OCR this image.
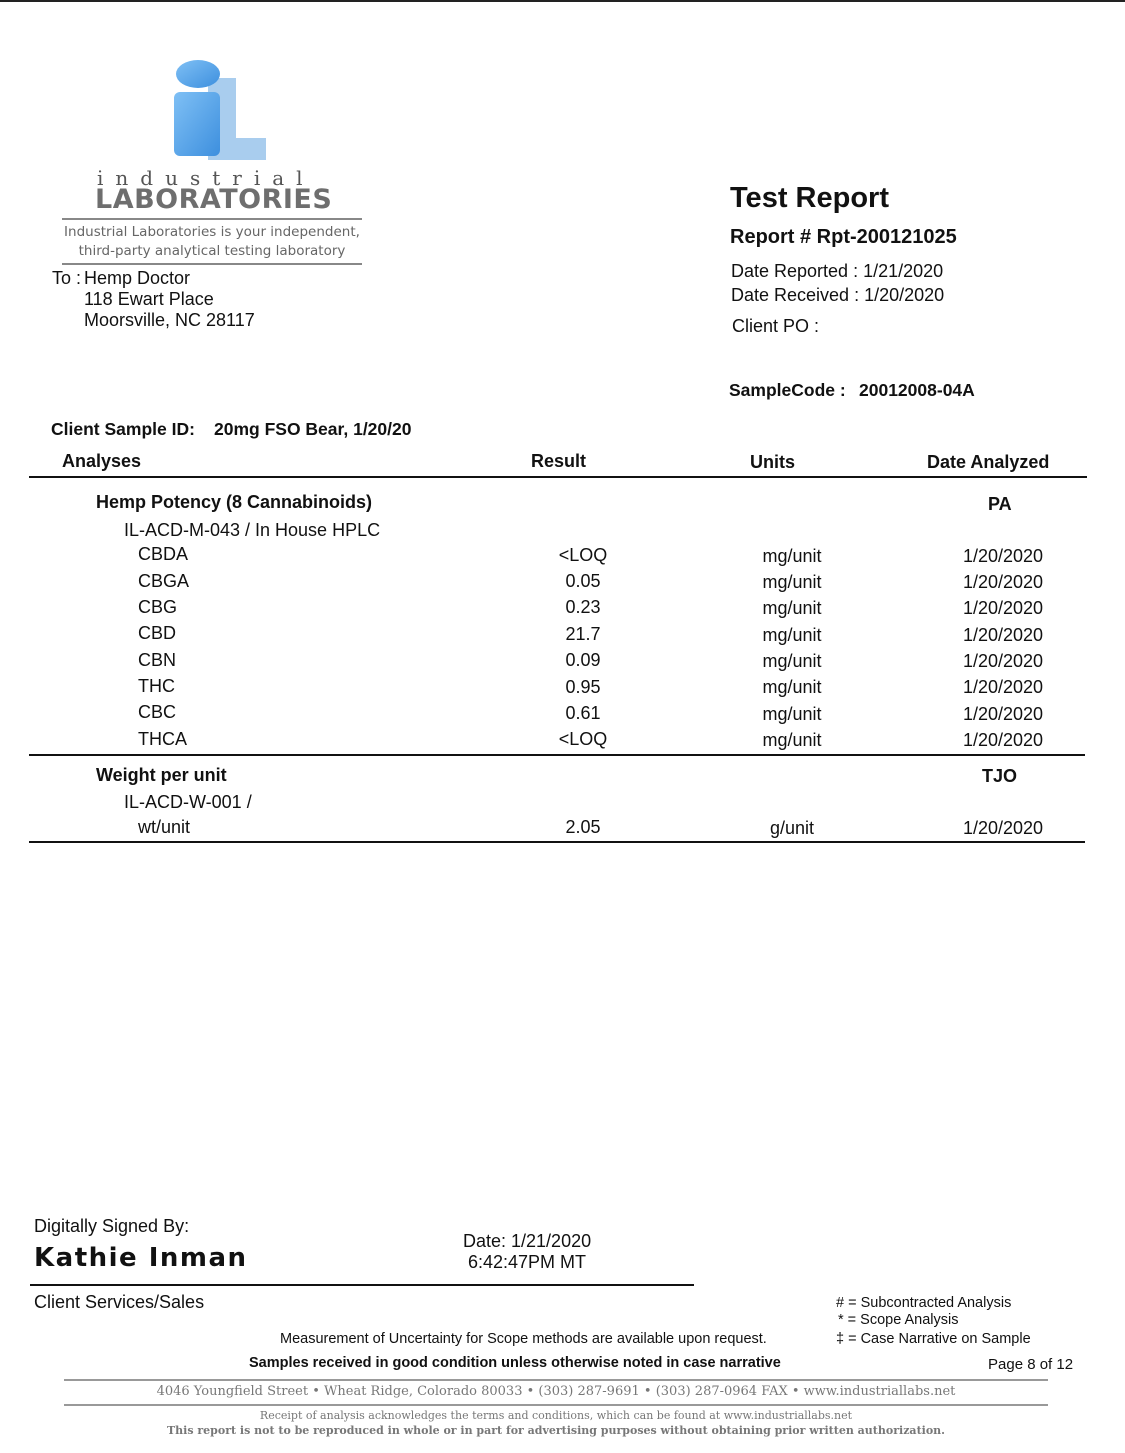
industrial
LABORATORIES
Industrial Laboratories is your independent,
third-party analytical testing laboratory
To : Hemp Doctor
118 Ewart Place
Moorsville, NC 28117
Test Report
Report # Rpt-200121025
Date Reported : 1/21/2020
Date Received : 1/20/2020
Client PO :
SampleCode : 20012008-04A
Client Sample ID: 20mg FSO Bear, 1/20/20
Analyses	Result	Units	Date Analyzed
Hemp Potency (8 Cannabinoids)	PA
IL-ACD-M-043 / In House HPLC
CBDA	<LOQ	mg/unit	1/20/2020
CBGA	0.05	mg/unit	1/20/2020
CBG	0.23	mg/unit	1/20/2020
CBD	21.7	mg/unit	1/20/2020
CBN	0.09	mg/unit	1/20/2020
THC	0.95	mg/unit	1/20/2020
CBC	0.61	mg/unit	1/20/2020
THCA	<LOQ	mg/unit	1/20/2020
Weight per unit	TJO
IL-ACD-W-001 /
wt/unit	2.05	g/unit	1/20/2020
Digitally Signed By:
Kathie Inman
Date: 1/21/2020
6:42:47PM MT
Client Services/Sales	# = Subcontracted Analysis
* = Scope Analysis
‡ = Case Narrative on Sample
Measurement of Uncertainty for Scope methods are available upon request.
Samples received in good condition unless otherwise noted in case narrative	Page 8 of 12
4046 Youngfield Street • Wheat Ridge, Colorado 80033 • (303) 287-9691 • (303) 287-0964 FAX • www.industriallabs.net
Receipt of analysis acknowledges the terms and conditions, which can be found at www.industriallabs.net
This report is not to be reproduced in whole or in part for advertising purposes without obtaining prior written authorization.
